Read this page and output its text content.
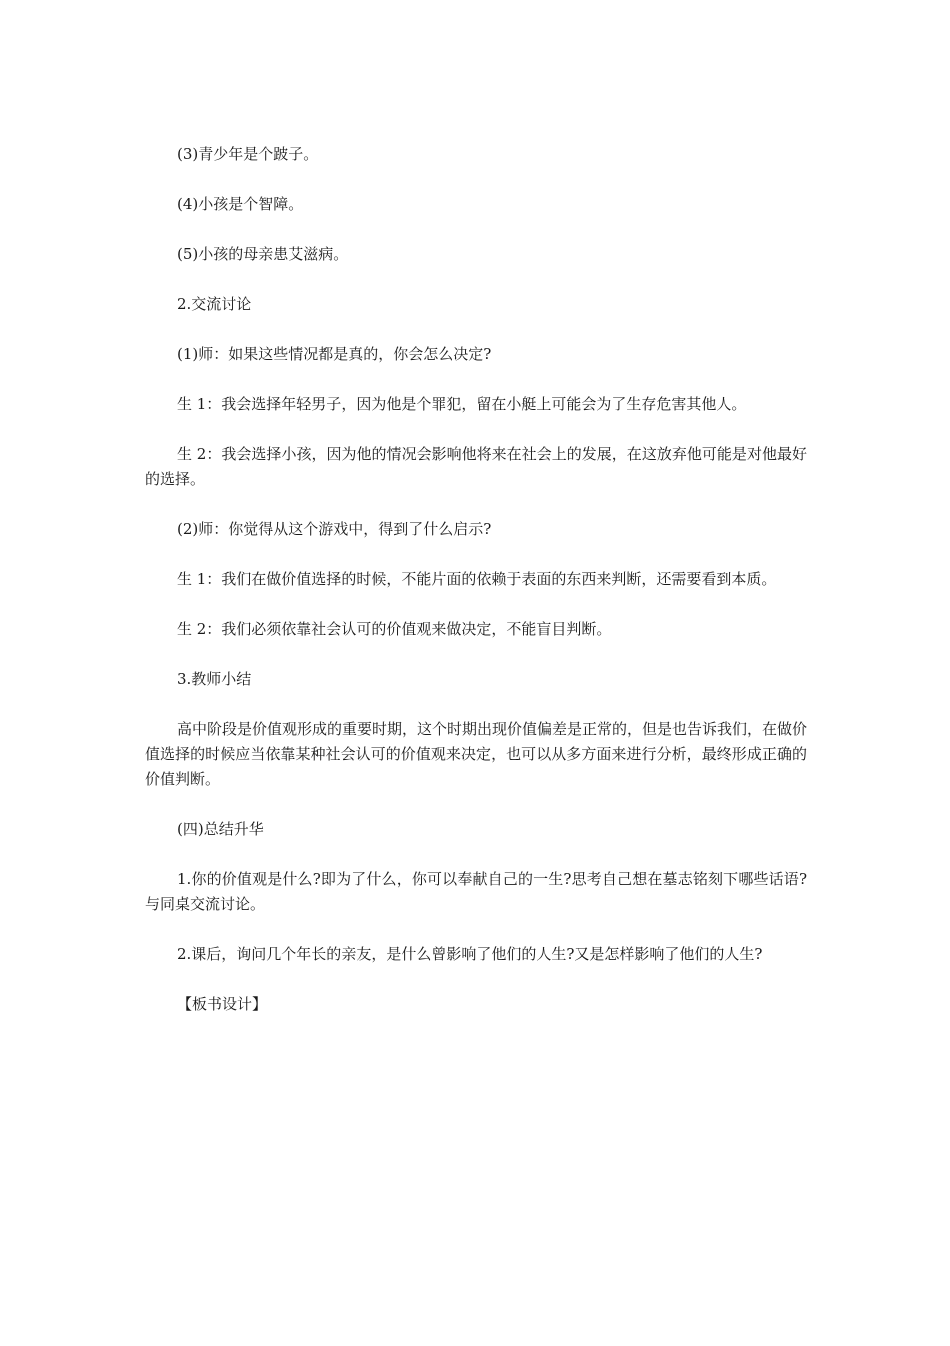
(3)青少年是个跛子。

(4)小孩是个智障。

(5)小孩的母亲患艾滋病。

2.交流讨论

(1)师：如果这些情况都是真的，你会怎么决定?

生 1：我会选择年轻男子，因为他是个罪犯，留在小艇上可能会为了生存危害其他人。

生 2：我会选择小孩，因为他的情况会影响他将来在社会上的发展，在这放弃他可能是对他最好的选择。

(2)师：你觉得从这个游戏中，得到了什么启示?

生 1：我们在做价值选择的时候，不能片面的依赖于表面的东西来判断，还需要看到本质。

生 2：我们必须依靠社会认可的价值观来做决定，不能盲目判断。

3.教师小结

高中阶段是价值观形成的重要时期，这个时期出现价值偏差是正常的，但是也告诉我们，在做价值选择的时候应当依靠某种社会认可的价值观来决定，也可以从多方面来进行分析，最终形成正确的价值判断。

(四)总结升华

1.你的价值观是什么?即为了什么，你可以奉献自己的一生?思考自己想在墓志铭刻下哪些话语?与同桌交流讨论。

2.课后，询问几个年长的亲友，是什么曾影响了他们的人生?又是怎样影响了他们的人生?

【板书设计】
